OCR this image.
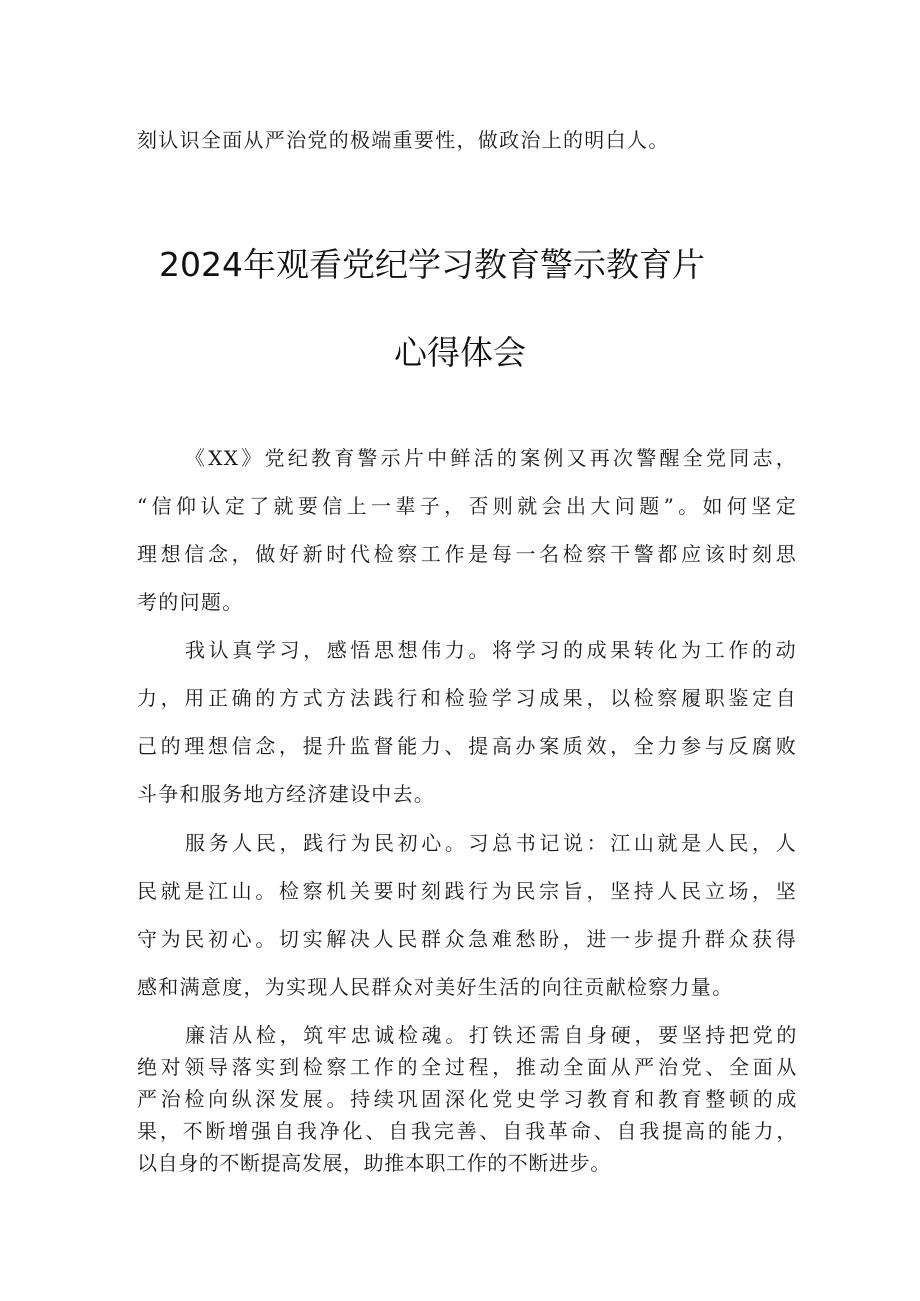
刻认识全面从严治党的极端重要性，做政治上的明白人。
2024年观看党纪学习教育警示教育片
心得体会
《XX》党纪教育警示片中鲜活的案例又再次警醒全党同志，
“信仰认定了就要信上一辈子，否则就会出大问题”。如何坚定
理想信念，做好新时代检察工作是每一名检察干警都应该时刻思
考的问题。
我认真学习，感悟思想伟力。将学习的成果转化为工作的动
力，用正确的方式方法践行和检验学习成果，以检察履职鉴定自
己的理想信念，提升监督能力、提高办案质效，全力参与反腐败
斗争和服务地方经济建设中去。
服务人民，践行为民初心。习总书记说：江山就是人民，人
民就是江山。检察机关要时刻践行为民宗旨，坚持人民立场，坚
守为民初心。切实解决人民群众急难愁盼，进一步提升群众获得
感和满意度，为实现人民群众对美好生活的向往贡献检察力量。
廉洁从检，筑牢忠诚检魂。打铁还需自身硬，要坚持把党的
绝对领导落实到检察工作的全过程，推动全面从严治党、全面从
严治检向纵深发展。持续巩固深化党史学习教育和教育整顿的成
果，不断增强自我净化、自我完善、自我革命、自我提高的能力，
以自身的不断提高发展，助推本职工作的不断进步。
